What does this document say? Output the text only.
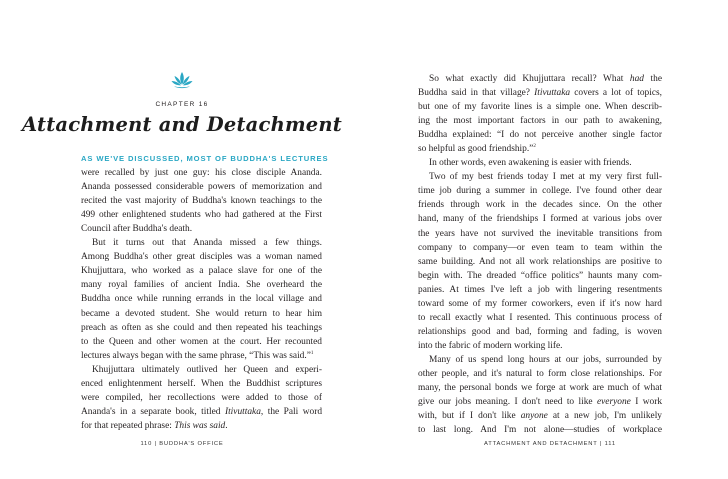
CHAPTER 16
Attachment and Detachment
AS WE'VE DISCUSSED, MOST OF BUDDHA'S LECTURES
were recalled by just one guy: his close disciple Ananda.
Ananda possessed considerable powers of memorization and
recited the vast majority of Buddha's known teachings to the
499 other enlightened students who had gathered at the First
Council after Buddha's death.
But it turns out that Ananda missed a few things.
Among Buddha's other great disciples was a woman named
Khujjuttara, who worked as a palace slave for one of the
many royal families of ancient India. She overheard the
Buddha once while running errands in the local village and
became a devoted student. She would return to hear him
preach as often as she could and then repeated his teachings
to the Queen and other women at the court. Her recounted
lectures always began with the same phrase, “This was said.”$^1$
Khujjuttara ultimately outlived her Queen and experi-
enced enlightenment herself. When the Buddhist scriptures
were compiled, her recollections were added to those of
Ananda's in a separate book, titled Itivuttaka, the Pali word
for that repeated phrase: This was said.
110 | BUDDHA'S OFFICE
So what exactly did Khujjuttara recall? What had the
Buddha said in that village? Itivuttaka covers a lot of topics,
but one of my favorite lines is a simple one. When describ-
ing the most important factors in our path to awakening,
Buddha explained: “I do not perceive another single factor
so helpful as good friendship.”$^2$
In other words, even awakening is easier with friends.
Two of my best friends today I met at my very first full-
time job during a summer in college. I've found other dear
friends through work in the decades since. On the other
hand, many of the friendships I formed at various jobs over
the years have not survived the inevitable transitions from
company to company—or even team to team within the
same building. And not all work relationships are positive to
begin with. The dreaded “office politics” haunts many com-
panies. At times I've left a job with lingering resentments
toward some of my former coworkers, even if it's now hard
to recall exactly what I resented. This continuous process of
relationships good and bad, forming and fading, is woven
into the fabric of modern working life.
Many of us spend long hours at our jobs, surrounded by
other people, and it's natural to form close relationships. For
many, the personal bonds we forge at work are much of what
give our jobs meaning. I don't need to like everyone I work
with, but if I don't like anyone at a new job, I'm unlikely
to last long. And I'm not alone—studies of workplace
ATTACHMENT AND DETACHMENT | 111
